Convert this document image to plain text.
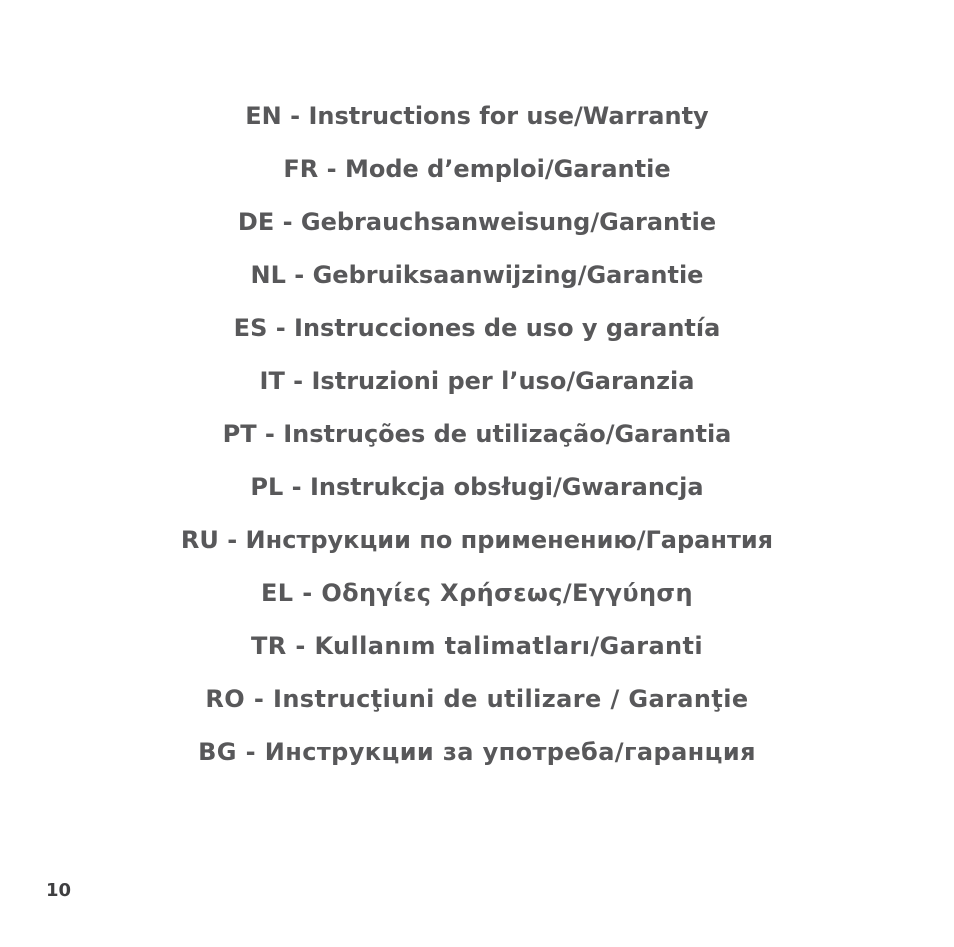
EN - Instructions for use/Warranty
FR - Mode d’emploi/Garantie
DE - Gebrauchsanweisung/Garantie
NL - Gebruiksaanwijzing/Garantie
ES - Instrucciones de uso y garantía
IT - Istruzioni per l’uso/Garanzia
PT - Instruções de utilização/Garantia
PL - Instrukcja obsługi/Gwarancja
RU - Инструкции по применению/Гарантия
EL - Οδηγίες Χρήσεως/Εγγύηση
TR - Kullanım talimatları/Garanti
RO - Instrucţiuni de utilizare / Garanţie
BG - Инструкции за употреба/гаранция
10
